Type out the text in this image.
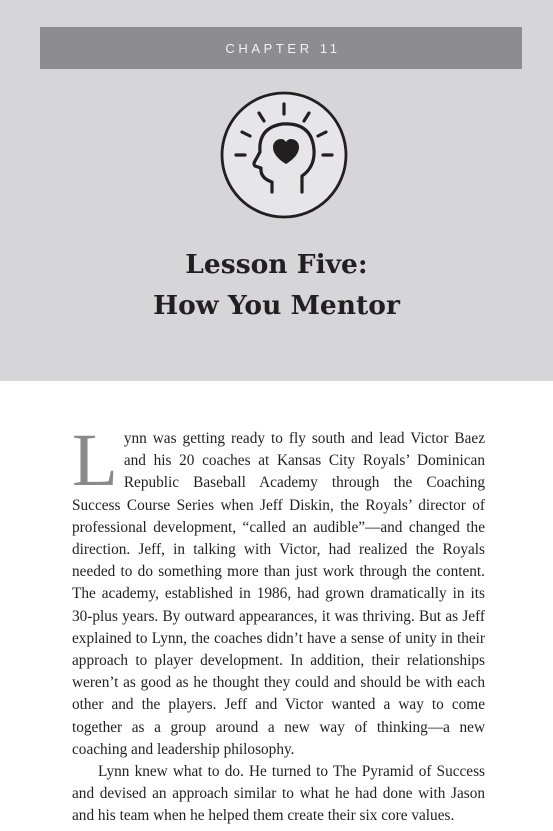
CHAPTER 11
Lesson Five:
How You Mentor

Lynn was getting ready to fly south and lead Victor Baez and his 20 coaches at Kansas City Royals’ Dominican Republic Baseball Academy through the Coaching Success Course Series when Jeff Diskin, the Royals’ director of professional development, “called an audible”—and changed the direction. Jeff, in talking with Victor, had realized the Royals needed to do something more than just work through the content. The academy, established in 1986, had grown dramatically in its 30-plus years. By outward appearances, it was thriving. But as Jeff explained to Lynn, the coaches didn’t have a sense of unity in their approach to player development. In addition, their relationships weren’t as good as he thought they could and should be with each other and the players. Jeff and Victor wanted a way to come together as a group around a new way of thinking—a new coaching and leadership philosophy.

Lynn knew what to do. He turned to The Pyramid of Success and devised an approach similar to what he had done with Jason and his team when he helped them create their six core values.
